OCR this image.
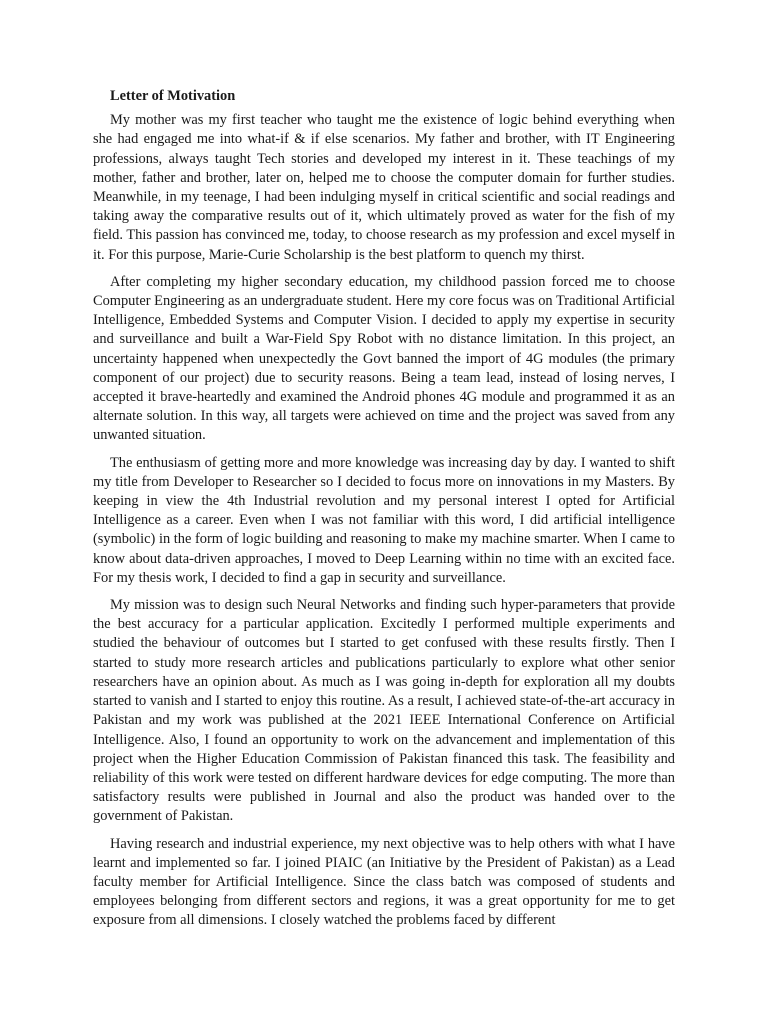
Letter of Motivation

My mother was my first teacher who taught me the existence of logic behind everything when she had engaged me into what-if & if else scenarios. My father and brother, with IT Engineering professions, always taught Tech stories and developed my interest in it. These teachings of my mother, father and brother, later on, helped me to choose the computer domain for further studies. Meanwhile, in my teenage, I had been indulging myself in critical scientific and social readings and taking away the comparative results out of it, which ultimately proved as water for the fish of my field. This passion has convinced me, today, to choose research as my profession and excel myself in it. For this purpose, Marie-Curie Scholarship is the best platform to quench my thirst.

After completing my higher secondary education, my childhood passion forced me to choose Computer Engineering as an undergraduate student. Here my core focus was on Traditional Artificial Intelligence, Embedded Systems and Computer Vision. I decided to apply my expertise in security and surveillance and built a War-Field Spy Robot with no distance limitation. In this project, an uncertainty happened when unexpectedly the Govt banned the import of 4G modules (the primary component of our project) due to security reasons. Being a team lead, instead of losing nerves, I accepted it brave-heartedly and examined the Android phones 4G module and programmed it as an alternate solution. In this way, all targets were achieved on time and the project was saved from any unwanted situation.

The enthusiasm of getting more and more knowledge was increasing day by day. I wanted to shift my title from Developer to Researcher so I decided to focus more on innovations in my Masters. By keeping in view the 4th Industrial revolution and my personal interest I opted for Artificial Intelligence as a career. Even when I was not familiar with this word, I did artificial intelligence (symbolic) in the form of logic building and reasoning to make my machine smarter. When I came to know about data-driven approaches, I moved to Deep Learning within no time with an excited face. For my thesis work, I decided to find a gap in security and surveillance.

My mission was to design such Neural Networks and finding such hyper-parameters that provide the best accuracy for a particular application. Excitedly I performed multiple experiments and studied the behaviour of outcomes but I started to get confused with these results firstly. Then I started to study more research articles and publications particularly to explore what other senior researchers have an opinion about. As much as I was going in-depth for exploration all my doubts started to vanish and I started to enjoy this routine. As a result, I achieved state-of-the-art accuracy in Pakistan and my work was published at the 2021 IEEE International Conference on Artificial Intelligence. Also, I found an opportunity to work on the advancement and implementation of this project when the Higher Education Commission of Pakistan financed this task. The feasibility and reliability of this work were tested on different hardware devices for edge computing. The more than satisfactory results were published in Journal and also the product was handed over to the government of Pakistan.

Having research and industrial experience, my next objective was to help others with what I have learnt and implemented so far. I joined PIAIC (an Initiative by the President of Pakistan) as a Lead faculty member for Artificial Intelligence. Since the class batch was composed of students and employees belonging from different sectors and regions, it was a great opportunity for me to get exposure from all dimensions. I closely watched the problems faced by different
